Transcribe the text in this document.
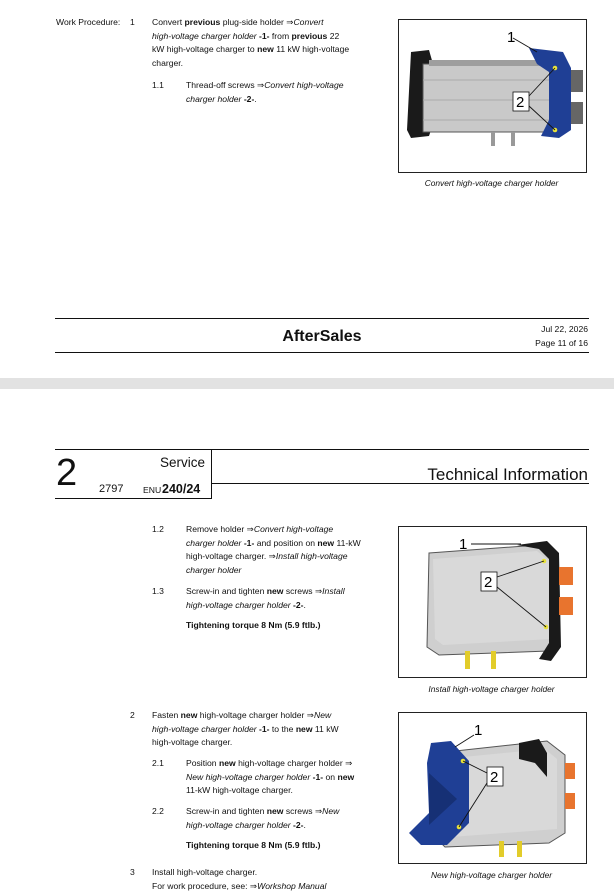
Work Procedure: 1 Convert previous plug-side holder ⇒Convert
high-voltage charger holder -1- from previous 22
kW high-voltage charger to new 11 kW high-voltage
charger.
1.1	Thread-off screws ⇒Convert high-voltage
charger holder -2-.
1
2
Convert high-voltage charger holder
AfterSales	Jul 22, 2026
Page 11 of 16
2 2797
Service
ENU 240/24
Technical Information
1.2	Remove holder ⇒Convert high-voltage
charger holder -1- and position on new 11-kW
high-voltage charger. ⇒Install high-voltage
charger holder
1.3	Screw-in and tighten new screws ⇒Install
high-voltage charger holder -2-.
Tightening torque 8 Nm (5.9 ftlb.)
1
2
Install high-voltage charger holder
2 Fasten new high-voltage charger holder ⇒New
high-voltage charger holder -1- to the new 11 kW
high-voltage charger.
2.1	Position new high-voltage charger holder ⇒
New high-voltage charger holder -1- on new
11-kW high-voltage charger.
2.2	Screw-in and tighten new screws ⇒New
high-voltage charger holder -2-.
Tightening torque 8 Nm (5.9 ftlb.)
3 Install high-voltage charger.
For work procedure, see: ⇒Workshop Manual
1
2
New high-voltage charger holder
